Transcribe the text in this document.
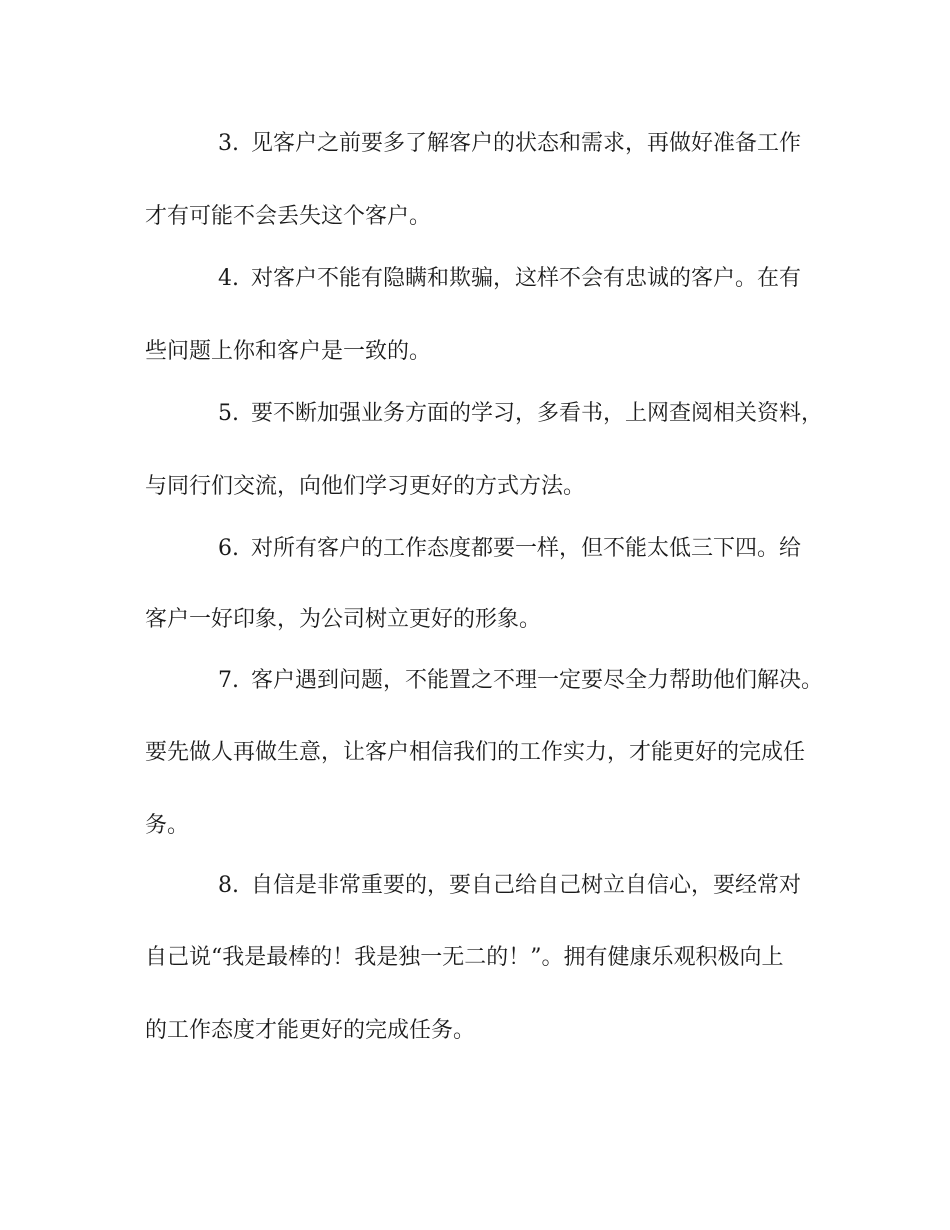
3. 见客户之前要多了解客户的状态和需求，再做好准备工作
才有可能不会丢失这个客户。
4. 对客户不能有隐瞒和欺骗，这样不会有忠诚的客户。在有
些问题上你和客户是一致的。
5. 要不断加强业务方面的学习，多看书，上网查阅相关资料，
与同行们交流，向他们学习更好的方式方法。
6. 对所有客户的工作态度都要一样，但不能太低三下四。给
客户一好印象，为公司树立更好的形象。
7. 客户遇到问题，不能置之不理一定要尽全力帮助他们解决。
要先做人再做生意，让客户相信我们的工作实力，才能更好的完成任
务。
8. 自信是非常重要的，要自己给自己树立自信心，要经常对
自己说“我是最棒的！我是独一无二的！”。拥有健康乐观积极向上
的工作态度才能更好的完成任务。
